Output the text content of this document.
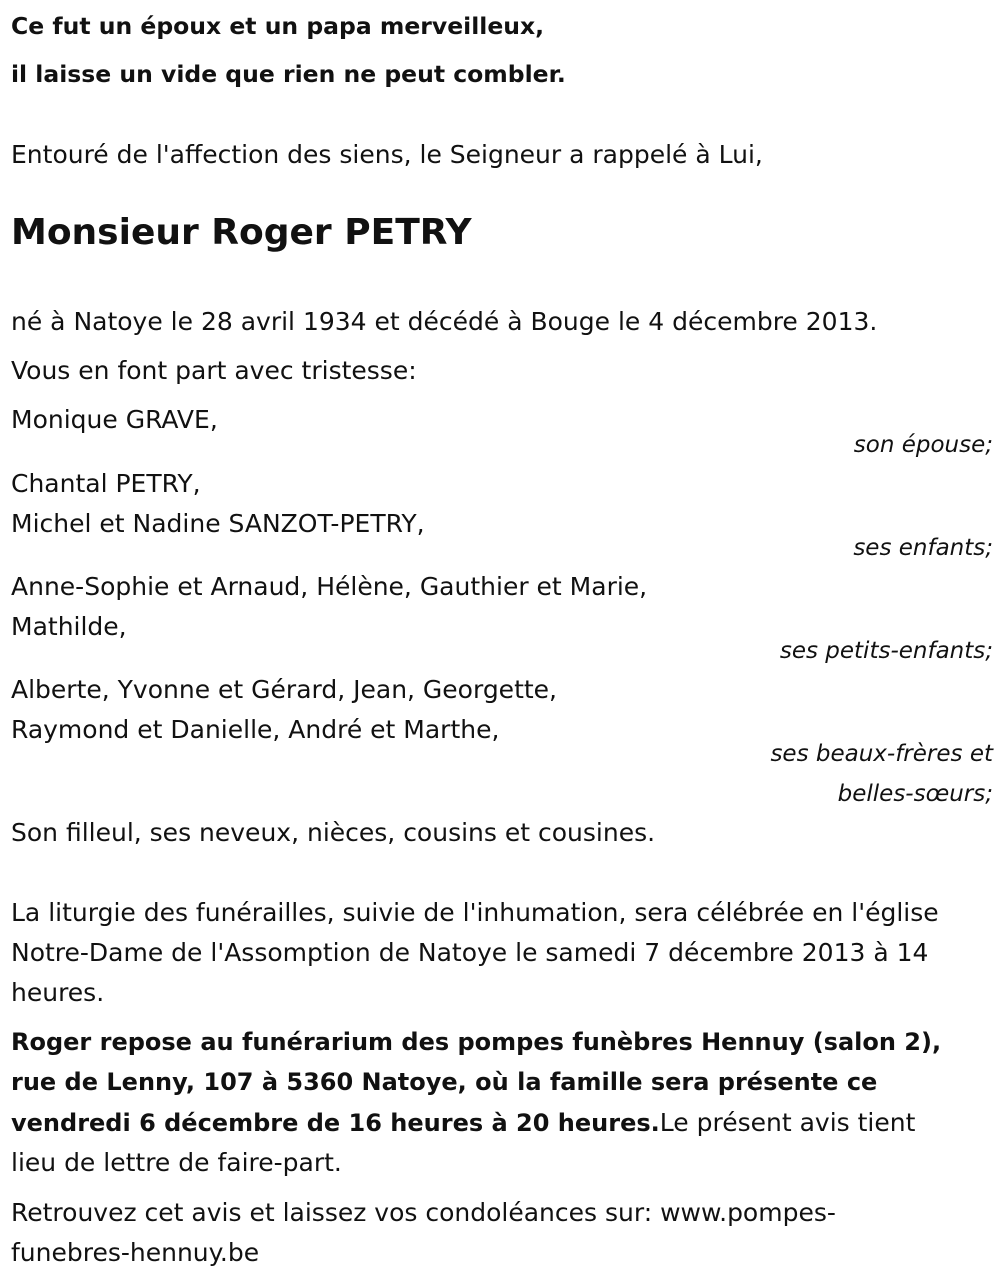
Ce fut un époux et un papa merveilleux,
il laisse un vide que rien ne peut combler.
Entouré de l'affection des siens, le Seigneur a rappelé à Lui,
Monsieur Roger PETRY
né à Natoye le 28 avril 1934 et décédé à Bouge le 4 décembre 2013.
Vous en font part avec tristesse:
Monique GRAVE,
son épouse;
Chantal PETRY,
Michel et Nadine SANZOT-PETRY,
ses enfants;
Anne-Sophie et Arnaud, Hélène, Gauthier et Marie,
Mathilde,
ses petits-enfants;
Alberte, Yvonne et Gérard, Jean, Georgette,
Raymond et Danielle, André et Marthe,
ses beaux-frères et
belles-sœurs;
Son filleul, ses neveux, nièces, cousins et cousines.
La liturgie des funérailles, suivie de l'inhumation, sera célébrée en l'église
Notre-Dame de l'Assomption de Natoye le samedi 7 décembre 2013 à 14
heures.
Roger repose au funérarium des pompes funèbres Hennuy (salon 2),
rue de Lenny, 107 à 5360 Natoye, où la famille sera présente ce
vendredi 6 décembre de 16 heures à 20 heures.Le présent avis tient
lieu de lettre de faire-part.
Retrouvez cet avis et laissez vos condoléances sur: www.pompes-
funebres-hennuy.be
